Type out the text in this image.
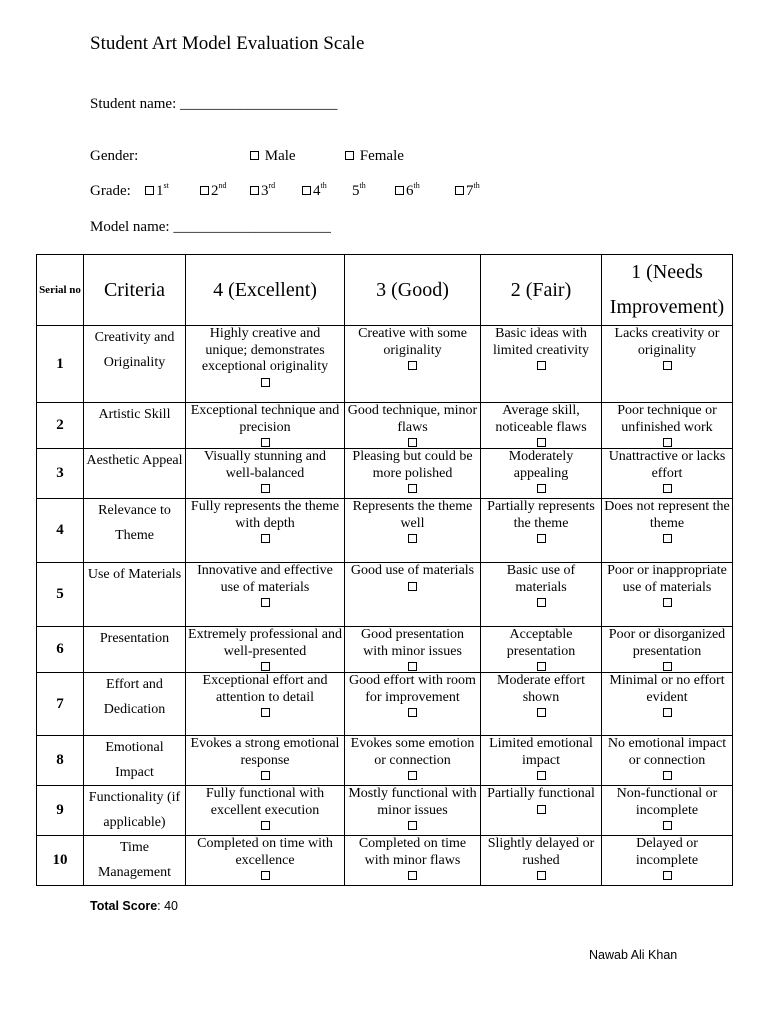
Student Art Model Evaluation Scale
Student name: _____________________
Gender:	Male	Female
Grade:	1st	2nd	3rd	4th 5th	6th	7th
Model name: _____________________
Serial no	Criteria	4 (Excellent)	3 (Good)	2 (Fair)	1 (Needs Improvement)
1	Creativity and Originality	Highly creative and unique; demonstrates exceptional originality	Creative with some originality	Basic ideas with limited creativity	Lacks creativity or originality

2	Artistic Skill	Exceptional technique and precision	Good technique, minor flaws	Average skill, noticeable flaws	Poor technique or unfinished work

3	Aesthetic Appeal	Visually stunning and well-balanced	Pleasing but could be more polished	Moderately appealing	Unattractive or lacks effort

4	Relevance to Theme	Fully represents the theme with depth	Represents the theme well	Partially represents the theme	Does not represent the theme

5	Use of Materials	Innovative and effective use of materials	Good use of materials	Basic use of materials	Poor or inappropriate use of materials

6	Presentation	Extremely professional and well-presented	Good presentation with minor issues	Acceptable presentation	Poor or disorganized presentation

7	Effort and Dedication	Exceptional effort and attention to detail	Good effort with room for improvement	Moderate effort shown	Minimal or no effort evident

8	Emotional Impact	Evokes a strong emotional response	Evokes some emotion or connection	Limited emotional impact	No emotional impact or connection

9	Functionality (if applicable)	Fully functional with excellent execution	Mostly functional with minor issues	Partially functional	Non-functional or incomplete

10	Time Management	Completed on time with excellence	Completed on time with minor flaws	Slightly delayed or rushed	Delayed or incomplete
Total Score: 40
Nawab Ali Khan
